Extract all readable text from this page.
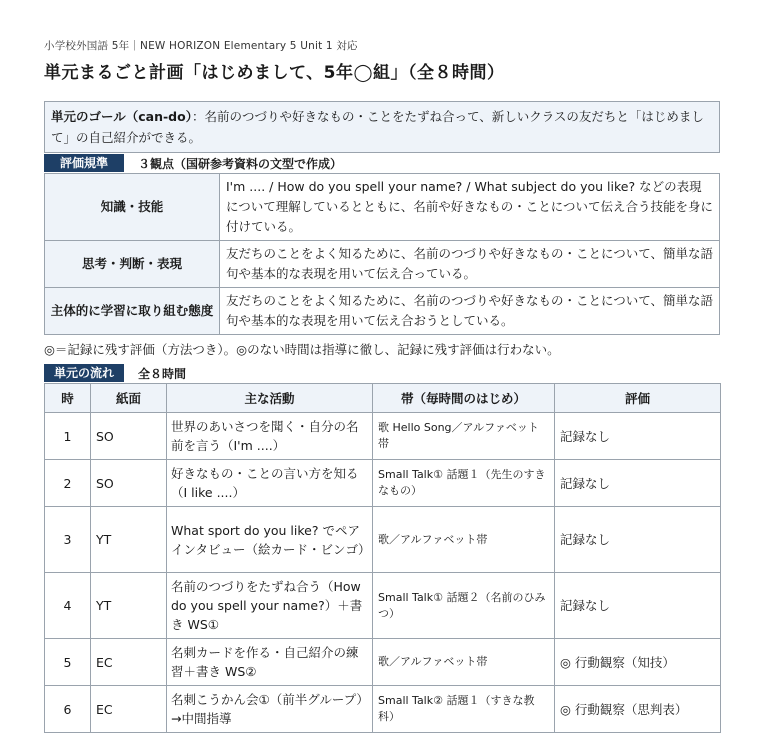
小学校外国語 5年｜NEW HORIZON Elementary 5 Unit 1 対応
単元まるごと計画「はじめまして、5年◯組」（全８時間）
単元のゴール（can-do）：名前のつづりや好きなもの・ことをたずね合って、新しいクラスの友だちと「はじめまして」の自己紹介ができる。
評価規準	３観点（国研参考資料の文型で作成）
知識・技能	I'm .... / How do you spell your name? / What subject do you like? などの表現について理解しているとともに、名前や好きなもの・ことについて伝え合う技能を身に付けている。
思考・判断・表現	友だちのことをよく知るために、名前のつづりや好きなもの・ことについて、簡単な語句や基本的な表現を用いて伝え合っている。
主体的に学習に取り組む態度	友だちのことをよく知るために、名前のつづりや好きなもの・ことについて、簡単な語句や基本的な表現を用いて伝え合おうとしている。
◎＝記録に残す評価（方法つき）。◎のない時間は指導に徹し、記録に残す評価は行わない。
単元の流れ	全８時間
時	紙面	主な活動	帯（毎時間のはじめ）	評価
1	SO	世界のあいさつを聞く・自分の名前を言う（I'm ....）	歌 Hello Song／アルファベット帯	記録なし
2	SO	好きなもの・ことの言い方を知る（I like ....）	Small Talk① 話題１（先生のすきなもの）	記録なし
3	YT	What sport do you like? でペアインタビュー（絵カード・ビンゴ）	歌／アルファベット帯	記録なし
4	YT	名前のつづりをたずね合う（How do you spell your name?）＋書き WS①	Small Talk① 話題２（名前のひみつ）	記録なし
5	EC	名刺カードを作る・自己紹介の練習＋書き WS②	歌／アルファベット帯	◎ 行動観察（知技）
6	EC	名刺こうかん会①（前半グループ）→中間指導	Small Talk② 話題１（すきな教科）	◎ 行動観察（思判表）
